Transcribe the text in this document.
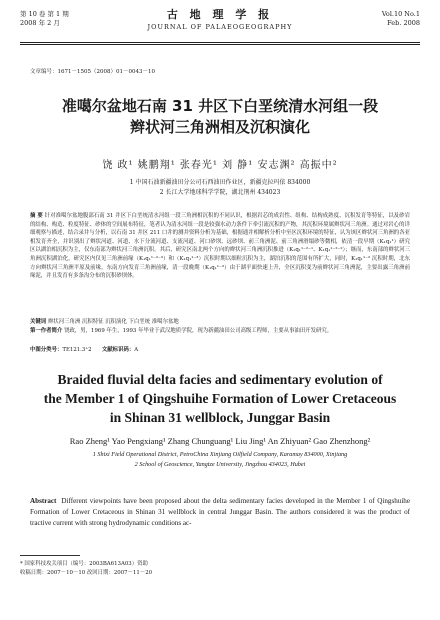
第 10 卷 第 1 期
2008 年 2 月
古 地 理 学 报
JOURNAL OF PALAEOGEOGRAPHY
Vol.10 No.1
Feb. 2008
文章编号：1671－1505（2008）01－0043－10
准噶尔盆地石南 31 井区下白垩统清水河组一段
辫状河三角洲相及沉积演化
饶 政¹ 姚鹏翔¹ 张春光¹ 刘 静¹ 安志渊² 高振中²
1 中国石油新疆油田分公司石西油田作业区，新疆克拉玛依 834000
2 长江大学地球科学学院，湖北荆州 434023
摘 要 针对准噶尔盆地腹部石南 31 井区下白垩统清水河组一段三角洲相沉积的不同认识，根据岩芯的成岩性、组构、结构成熟度、沉积发育等特征，以及砂岩的结构、构造、粒度特征、砂体的空间展布特征，笔者认为清水河组一段是较强水动力条件下牵引流沉积的产物，其沉积环境属辫状河三角洲。通过对岩心的详细观察与描述，结合录井与分析，以石南 31 井区 211 口井的测井资料分析为基础，根据通井相解析分析中至区沉积环境的特征，认为该区辫状河三角洲的各亚相发育齐全，并识别出了辫状河道、河道、水下分流河道、支流河道、河口砂坝、远砂坝、前三角洲泥、前三角洲滑塌砂等微相，依清一段早期（K₁q₁¹）研究区以湖泊相沉积为主，仅东南部为辫状河三角洲沉积。其后，研究区南北两个方向的辫状河三角洲沉积推进（K₁q₁¹⁻²⁻¹、K₁q₁¹⁻²⁻²）；继而，东南部的辫状河三角洲沉积湖泊化，研究区内仅见三角洲前缘（K₁q₁¹⁻²⁻³）和（K₁q₁¹⁻³）沉积时期以细粒沉积为主，湖泊沉积的范围有所扩大，同时，K₁q₁¹⁻² 沉积时期，北东方向辫状河三角洲平原及前缘，东南方向发育三角洲前缘，清一段晚期（K₁q₁¹⁻³）由于湖平面快速上升，全区沉积变为前辫状河三角洲泥，主要出露三角洲前缘泥，并且发育有多条沟分布的沉积砂坝体。
关键词 辫状河三角洲 沉积特征 沉积演化 下白垩统 准噶尔盆地
第一作者简介 饶政，男，1969 年生，1993 年毕业于武汉地质学院，现为新疆油田公司高级工程师，主要从事油田开发研究。
中图分类号：TE121.3⁺2 文献标识码：A
Braided fluvial delta facies and sedimentary evolution of
the Member 1 of Qingshuihe Formation of Lower Cretaceous
in Shinan 31 wellblock, Junggar Basin
Rao Zheng¹ Yao Pengxiang¹ Zhang Chunguang¹ Liu Jing¹ An Zhiyuan² Gao Zhenzhong²
1 Shixi Field Operational District, PetroChina Xinjiang Oilfield Company, Karamay 834000, Xinjiang
2 School of Geoscience, Yangtze University, Jingzhou 434023, Hubei
Abstract Different viewpoints have been proposed about the delta sedimentary facies developed in the Member 1 of Qingshuihe Formation of Lower Cretaceous in Shinan 31 wellblock in central Junggar Basin. The authors considered it was the product of tractive current with strong hydrodynamic conditions ac-
* 国家科技攻关项目（编号：2003BA613A03）资助
收稿日期：2007－10－10 改回日期：2007－11－20
